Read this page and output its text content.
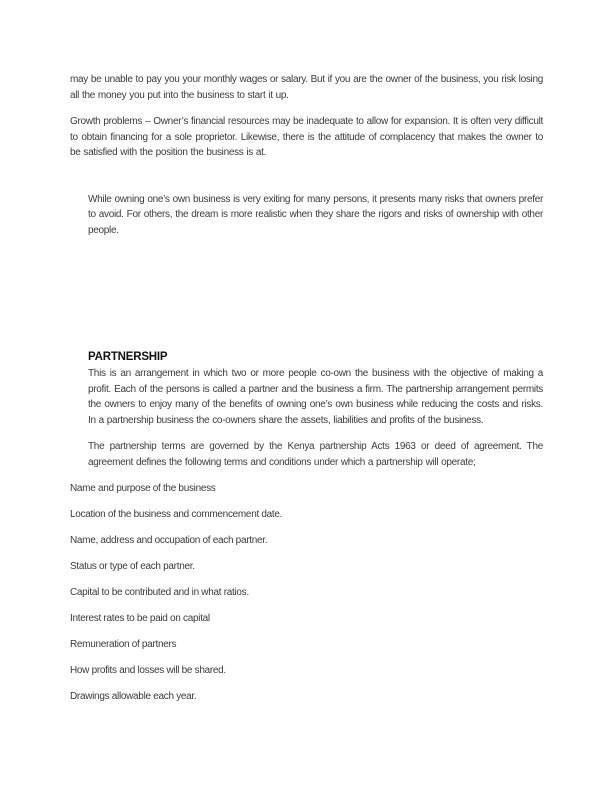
may be unable to pay you your monthly wages or salary. But if you are the owner of the business, you risk losing all the money you put into the business to start it up.

Growth problems – Owner’s financial resources may be inadequate to allow for expansion. It is often very difficult to obtain financing for a sole proprietor. Likewise, there is the attitude of complacency that makes the owner to be satisfied with the position the business is at.

While owning one’s own business is very exiting for many persons, it presents many risks that owners prefer to avoid. For others, the dream is more realistic when they share the rigors and risks of ownership with other people.

PARTNERSHIP

This is an arrangement in which two or more people co-own the business with the objective of making a profit. Each of the persons is called a partner and the business a firm. The partnership arrangement permits the owners to enjoy many of the benefits of owning one’s own business while reducing the costs and risks. In a partnership business the co-owners share the assets, liabilities and profits of the business.

The partnership terms are governed by the Kenya partnership Acts 1963 or deed of agreement. The agreement defines the following terms and conditions under which a partnership will operate;

Name and purpose of the business
Location of the business and commencement date.
Name, address and occupation of each partner.
Status or type of each partner.
Capital to be contributed and in what ratios.
Interest rates to be paid on capital
Remuneration of partners
How profits and losses will be shared.
Drawings allowable each year.
